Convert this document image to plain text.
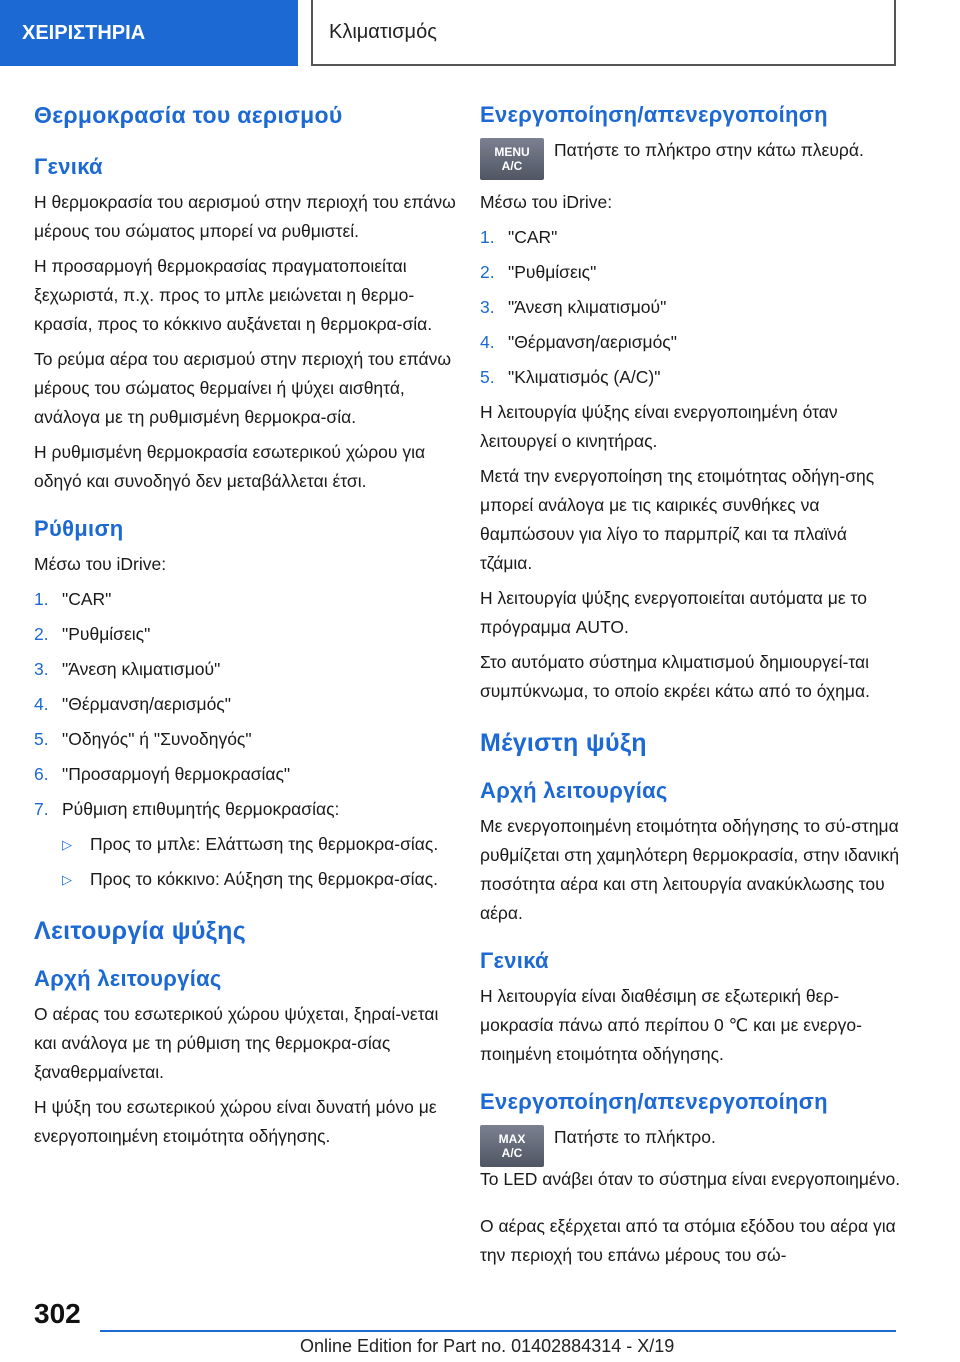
ΧΕΙΡΙΣΤΗΡΙΑ	Κλιματισμός
Θερμοκρασία του αερισμού
Γενικά

Η θερμοκρασία του αερισμού στην περιοχή του επάνω μέρους του σώματος μπορεί να ρυθμιστεί.

Η προσαρμογή θερμοκρασίας πραγματοποιείται ξεχωριστά, π.χ. προς το μπλε μειώνεται η θερμο-κρασία, προς το κόκκινο αυξάνεται η θερμοκρα-σία.

Το ρεύμα αέρα του αερισμού στην περιοχή του επάνω μέρους του σώματος θερμαίνει ή ψύχει αισθητά, ανάλογα με τη ρυθμισμένη θερμοκρα-σία.

Η ρυθμισμένη θερμοκρασία εσωτερικού χώρου για οδηγό και συνοδηγό δεν μεταβάλλεται έτσι.

Ρύθμιση

Μέσω του iDrive:

1. "CAR"
2. "Ρυθμίσεις"
3. "Άνεση κλιματισμού"
4. "Θέρμανση/αερισμός"
5. "Οδηγός" ή "Συνοδηγός"
6. "Προσαρμογή θερμοκρασίας"
7. Ρύθμιση επιθυμητής θερμοκρασίας:
▷	Προς το μπλε: Ελάττωση της θερμοκρα-σίας.
▷	Προς το κόκκινο: Αύξηση της θερμοκρα-σίας.
Λειτουργία ψύξης
Αρχή λειτουργίας

Ο αέρας του εσωτερικού χώρου ψύχεται, ξηραί-νεται και ανάλογα με τη ρύθμιση της θερμοκρα-σίας ξαναθερμαίνεται.

Η ψύξη του εσωτερικού χώρου είναι δυνατή μόνο με ενεργοποιημένη ετοιμότητα οδήγησης.

Ενεργοποίηση/απενεργοποίηση
MENU
A/C
Πατήστε το πλήκτρο στην κάτω πλευρά.

Μέσω του iDrive:

1. "CAR"
2. "Ρυθμίσεις"
3. "Άνεση κλιματισμού"
4. "Θέρμανση/αερισμός"
5. "Κλιματισμός (A/C)"

Η λειτουργία ψύξης είναι ενεργοποιημένη όταν λειτουργεί ο κινητήρας.

Μετά την ενεργοποίηση της ετοιμότητας οδήγη-σης μπορεί ανάλογα με τις καιρικές συνθήκες να θαμπώσουν για λίγο το παρμπρίζ και τα πλαϊνά τζάμια.

Η λειτουργία ψύξης ενεργοποιείται αυτόματα με το πρόγραμμα AUTO.

Στο αυτόματο σύστημα κλιματισμού δημιουργεί-ται συμπύκνωμα, το οποίο εκρέει κάτω από το όχημα.

Μέγιστη ψύξη
Αρχή λειτουργίας

Με ενεργοποιημένη ετοιμότητα οδήγησης το σύ-στημα ρυθμίζεται στη χαμηλότερη θερμοκρασία, στην ιδανική ποσότητα αέρα και στη λειτουργία ανακύκλωσης του αέρα.

Γενικά

Η λειτουργία είναι διαθέσιμη σε εξωτερική θερ-μοκρασία πάνω από περίπου 0 ℃ και με ενεργο-ποιημένη ετοιμότητα οδήγησης.

Ενεργοποίηση/απενεργοποίηση
MAX
A/C
Πατήστε το πλήκτρο.

Το LED ανάβει όταν το σύστημα είναι ενεργοποιημένο.

Ο αέρας εξέρχεται από τα στόμια εξόδου του αέρα για την περιοχή του επάνω μέρους του σώ-

302
Online Edition for Part no. 01402884314 - X/19
